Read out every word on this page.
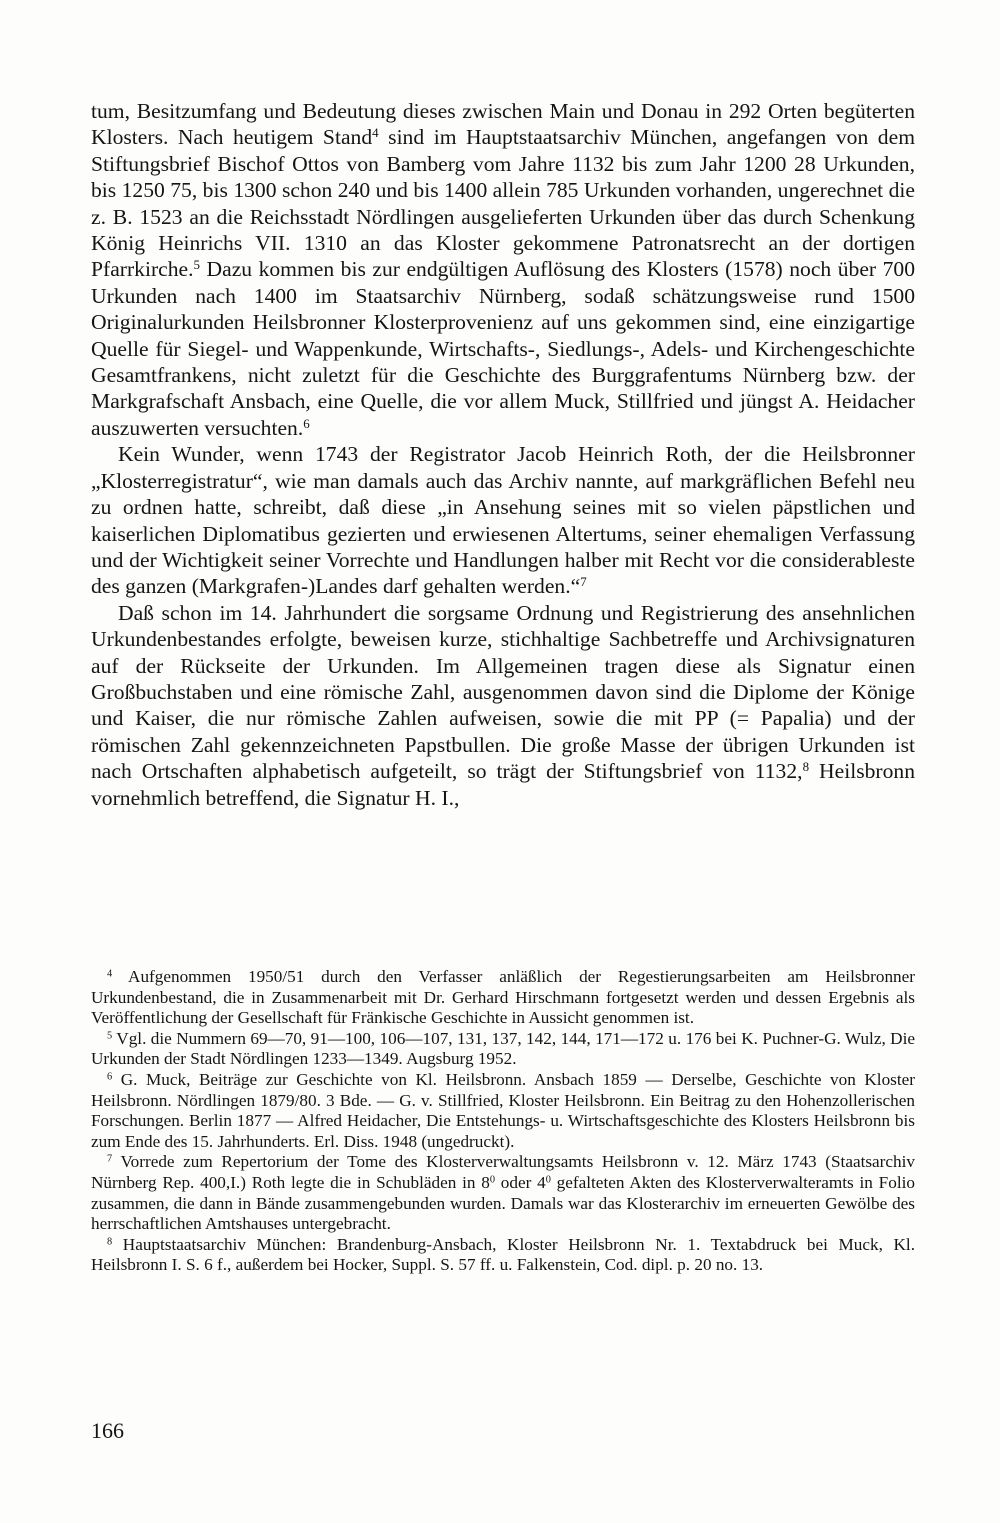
tum, Besitzumfang und Bedeutung dieses zwischen Main und Donau in 292 Orten begüterten Klosters. Nach heutigem Stand$^4$ sind im Hauptstaatsarchiv München, angefangen von dem Stiftungsbrief Bischof Ottos von Bamberg vom Jahre 1132 bis zum Jahr 1200 28 Urkunden, bis 1250 75, bis 1300 schon 240 und bis 1400 allein 785 Urkunden vorhanden, ungerechnet die z. B. 1523 an die Reichsstadt Nördlingen ausgelieferten Urkunden über das durch Schenkung König Heinrichs VII. 1310 an das Kloster gekommene Patronatsrecht an der dortigen Pfarrkirche.$^5$ Dazu kommen bis zur endgültigen Auflösung des Klosters (1578) noch über 700 Urkunden nach 1400 im Staatsarchiv Nürnberg, sodaß schätzungsweise rund 1500 Originalurkunden Heilsbronner Klosterprovenienz auf uns gekommen sind, eine einzigartige Quelle für Siegel- und Wappenkunde, Wirtschafts-, Siedlungs-, Adels- und Kirchengeschichte Gesamtfrankens, nicht zuletzt für die Geschichte des Burggrafentums Nürnberg bzw. der Markgrafschaft Ansbach, eine Quelle, die vor allem Muck, Stillfried und jüngst A. Heidacher auszuwerten versuchten.$^6$

Kein Wunder, wenn 1743 der Registrator Jacob Heinrich Roth, der die Heilsbronner „Klosterregistratur“, wie man damals auch das Archiv nannte, auf markgräflichen Befehl neu zu ordnen hatte, schreibt, daß diese „in Ansehung seines mit so vielen päpstlichen und kaiserlichen Diplomatibus gezierten und erwiesenen Altertums, seiner ehemaligen Verfassung und der Wichtigkeit seiner Vorrechte und Handlungen halber mit Recht vor die considerableste des ganzen (Markgrafen-)Landes darf gehalten werden.“$^7$

Daß schon im 14. Jahrhundert die sorgsame Ordnung und Registrierung des ansehnlichen Urkundenbestandes erfolgte, beweisen kurze, stichhaltige Sachbetreffe und Archivsignaturen auf der Rückseite der Urkunden. Im Allgemeinen tragen diese als Signatur einen Großbuchstaben und eine römische Zahl, ausgenommen davon sind die Diplome der Könige und Kaiser, die nur römische Zahlen aufweisen, sowie die mit PP (= Papalia) und der römischen Zahl gekennzeichneten Papstbullen. Die große Masse der übrigen Urkunden ist nach Ortschaften alphabetisch aufgeteilt, so trägt der Stiftungsbrief von 1132,$^8$ Heilsbronn vornehmlich betreffend, die Signatur H. I.,

$^4$ Aufgenommen 1950/51 durch den Verfasser anläßlich der Regestierungsarbeiten am Heilsbronner Urkundenbestand, die in Zusammenarbeit mit Dr. Gerhard Hirschmann fortgesetzt werden und dessen Ergebnis als Veröffentlichung der Gesellschaft für Fränkische Geschichte in Aussicht genommen ist.

$^5$ Vgl. die Nummern 69—70, 91—100, 106—107, 131, 137, 142, 144, 171—172 u. 176 bei K. Puchner-G. Wulz, Die Urkunden der Stadt Nördlingen 1233—1349. Augsburg 1952.

$^6$ G. Muck, Beiträge zur Geschichte von Kl. Heilsbronn. Ansbach 1859 — Derselbe, Geschichte von Kloster Heilsbronn. Nördlingen 1879/80. 3 Bde. — G. v. Stillfried, Kloster Heilsbronn. Ein Beitrag zu den Hohenzollerischen Forschungen. Berlin 1877 — Alfred Heidacher, Die Entstehungs- u. Wirtschaftsgeschichte des Klosters Heilsbronn bis zum Ende des 15. Jahrhunderts. Erl. Diss. 1948 (ungedruckt).

$^7$ Vorrede zum Repertorium der Tome des Klosterverwaltungsamts Heilsbronn v. 12. März 1743 (Staatsarchiv Nürnberg Rep. 400,I.) Roth legte die in Schubläden in $8^0$ oder $4^0$ gefalteten Akten des Klosterverwalteramts in Folio zusammen, die dann in Bände zusammengebunden wurden. Damals war das Klosterarchiv im erneuerten Gewölbe des herrschaftlichen Amtshauses untergebracht.

$^8$ Hauptstaatsarchiv München: Brandenburg-Ansbach, Kloster Heilsbronn Nr. 1. Textabdruck bei Muck, Kl. Heilsbronn I. S. 6 f., außerdem bei Hocker, Suppl. S. 57 ff. u. Falkenstein, Cod. dipl. p. 20 no. 13.

166
